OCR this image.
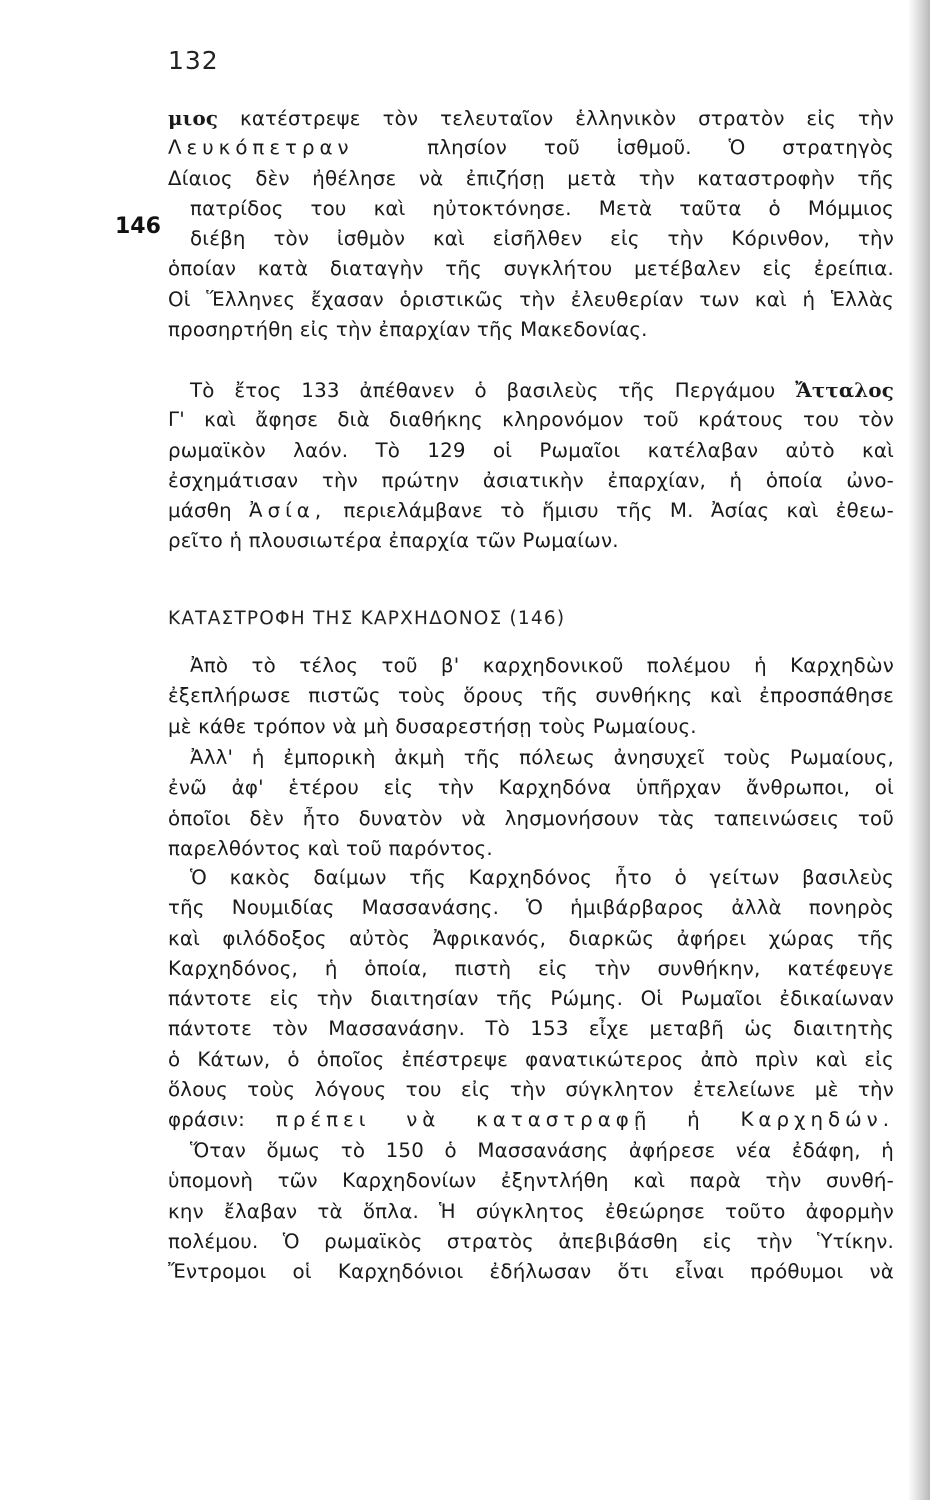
132
146
μιος κατέστρεψε τὸν τελευταῖον ἑλληνικὸν στρατὸν εἰς τὴν
Λευκόπετραν  πλησίον τοῦ ἰσθμοῦ. Ὁ στρατηγὸς
Δίαιος δὲν ἠθέλησε νὰ ἐπιζήσῃ μετὰ τὴν καταστροφὴν τῆς
πατρίδος του καὶ ηὐτοκτόνησε. Μετὰ ταῦτα ὁ Μόμμιος
διέβη τὸν ἰσθμὸν καὶ εἰσῆλθεν εἰς τὴν Κόρινθον, τὴν
ὁποίαν κατὰ διαταγὴν τῆς συγκλήτου μετέβαλεν εἰς ἐρείπια.
Οἱ Ἕλληνες ἔχασαν ὁριστικῶς τὴν ἐλευθερίαν των καὶ ἡ Ἑλλὰς
προσηρτήθη εἰς τὴν ἐπαρχίαν τῆς Μακεδονίας.
Τὸ ἔτος 133 ἀπέθανεν ὁ βασιλεὺς τῆς Περγάμου Ἄτταλος
Γ' καὶ ἄφησε διὰ διαθήκης κληρονόμον τοῦ κράτους του τὸν
ρωμαϊκὸν λαόν. Τὸ 129 οἱ Ρωμαῖοι κατέλαβαν αὐτὸ καὶ
ἐσχημάτισαν τὴν πρώτην ἀσιατικὴν ἐπαρχίαν, ἡ ὁποία ὠνο-
μάσθη Ἀσία, περιελάμβανε τὸ ἥμισυ τῆς Μ. Ἀσίας καὶ ἐθεω-
ρεῖτο ἡ πλουσιωτέρα ἐπαρχία τῶν Ρωμαίων.
ΚΑΤΑΣΤΡΟΦΗ ΤΗΣ ΚΑΡΧΗΔΟΝΟΣ (146)
Ἀπὸ τὸ τέλος τοῦ β' καρχηδονικοῦ πολέμου ἡ Καρχηδὼν
ἐξεπλήρωσε πιστῶς τοὺς ὅρους τῆς συνθήκης καὶ ἐπροσπάθησε
μὲ κάθε τρόπον νὰ μὴ δυσαρεστήσῃ τοὺς Ρωμαίους.
Ἀλλ' ἡ ἐμπορικὴ ἀκμὴ τῆς πόλεως ἀνησυχεῖ τοὺς Ρωμαίους,
ἐνῶ ἀφ' ἑτέρου εἰς τὴν Καρχηδόνα ὑπῆρχαν ἄνθρωποι, οἱ
ὁποῖοι δὲν ἦτο δυνατὸν νὰ λησμονήσουν τὰς ταπεινώσεις τοῦ
παρελθόντος καὶ τοῦ παρόντος.
Ὁ κακὸς δαίμων τῆς Καρχηδόνος ἦτο ὁ γείτων βασιλεὺς
τῆς Νουμιδίας Μασσανάσης. Ὁ ἡμιβάρβαρος ἀλλὰ πονηρὸς
καὶ φιλόδοξος αὐτὸς Ἀφρικανός, διαρκῶς ἀφήρει χώρας τῆς
Καρχηδόνος, ἡ ὁποία, πιστὴ εἰς τὴν συνθήκην, κατέφευγε
πάντοτε εἰς τὴν διαιτησίαν τῆς Ρώμης. Οἱ Ρωμαῖοι ἐδικαίωναν
πάντοτε τὸν Μασσανάσην. Τὸ 153 εἶχε μεταβῆ ὡς διαιτητὴς
ὁ Κάτων, ὁ ὁποῖος ἐπέστρεψε φανατικώτερος ἀπὸ πρὶν καὶ εἰς
ὅλους τοὺς λόγους του εἰς τὴν σύγκλητον ἐτελείωνε μὲ τὴν
φράσιν: πρέπει νὰ καταστραφῇ ἡ Καρχηδών.
Ὅταν ὅμως τὸ 150 ὁ Μασσανάσης ἀφήρεσε νέα ἐδάφη, ἡ
ὑπομονὴ τῶν Καρχηδονίων ἐξηντλήθη καὶ παρὰ τὴν συνθή-
κην ἔλαβαν τὰ ὅπλα. Ἡ σύγκλητος ἐθεώρησε τοῦτο ἀφορμὴν
πολέμου. Ὁ ρωμαϊκὸς στρατὸς ἀπεβιβάσθη εἰς τὴν Ὑτίκην.
Ἔντρομοι οἱ Καρχηδόνιοι ἐδήλωσαν ὅτι εἶναι πρόθυμοι νὰ
